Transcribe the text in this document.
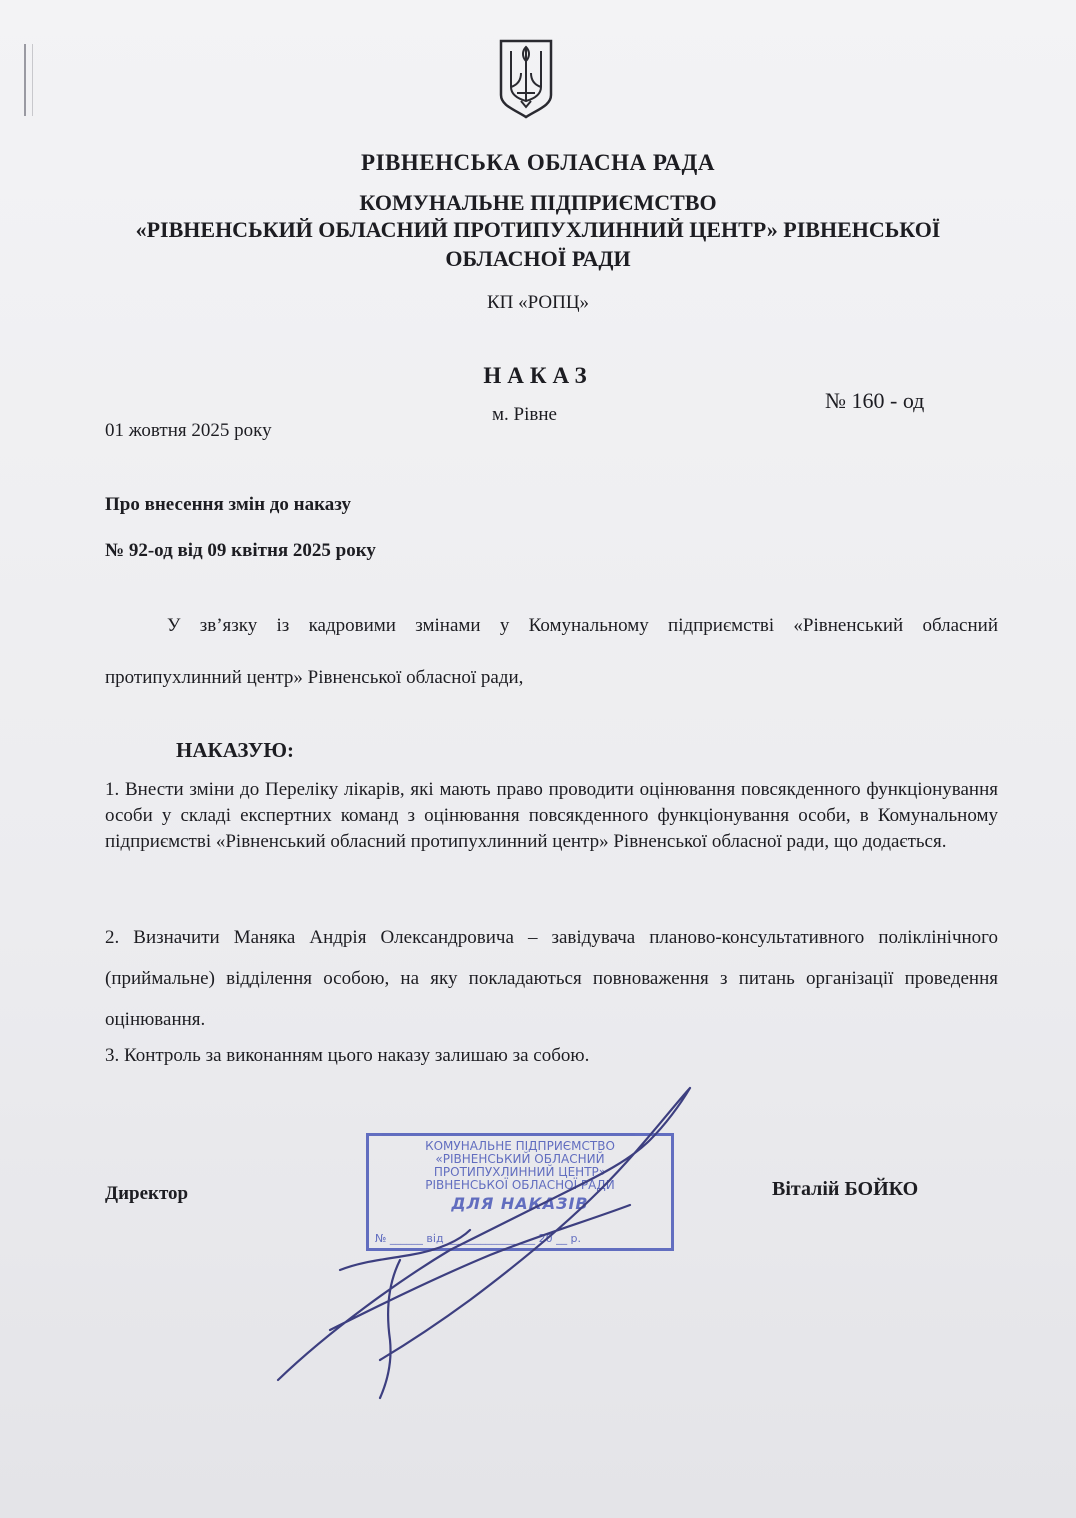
РІВНЕНСЬКА ОБЛАСНА РАДА
КОМУНАЛЬНЕ ПІДПРИЄМСТВО
«РІВНЕНСЬКИЙ ОБЛАСНИЙ ПРОТИПУХЛИННИЙ ЦЕНТР» РІВНЕНСЬКОЇ
ОБЛАСНОЇ РАДИ
КП «РОПЦ»
НАКАЗ
№ 160 - од
м. Рівне
01 жовтня 2025 року
Про внесення змін до наказу
№ 92-од від 09 квітня 2025 року
У зв’язку із кадровими змінами у Комунальному підприємстві «Рівненський обласний протипухлинний центр» Рівненської обласної ради,
НАКАЗУЮ:
1. Внести зміни до Переліку лікарів, які мають право проводити оцінювання повсякденного функціонування особи у складі експертних команд з оцінювання повсякденного функціонування особи, в Комунальному підприємстві «Рівненський обласний протипухлинний центр» Рівненської обласної ради, що додається.
2. Визначити Маняка Андрія Олександровича – завідувача планово-консультативного поліклінічного (приймальне) відділення особою, на яку покладаються повноваження з питань організації проведення оцінювання.
3. Контроль за виконанням цього наказу залишаю за собою.
КОМУНАЛЬНЕ ПІДПРИЄМСТВО
«РІВНЕНСЬКИЙ ОБЛАСНИЙ
ПРОТИПУХЛИННИЙ ЦЕНТР»
РІВНЕНСЬКОЇ ОБЛАСНОЇ РАДИ
ДЛЯ НАКАЗІВ
№ ______ від ________________ 20 __ р.
Директор	Віталій БОЙКО
